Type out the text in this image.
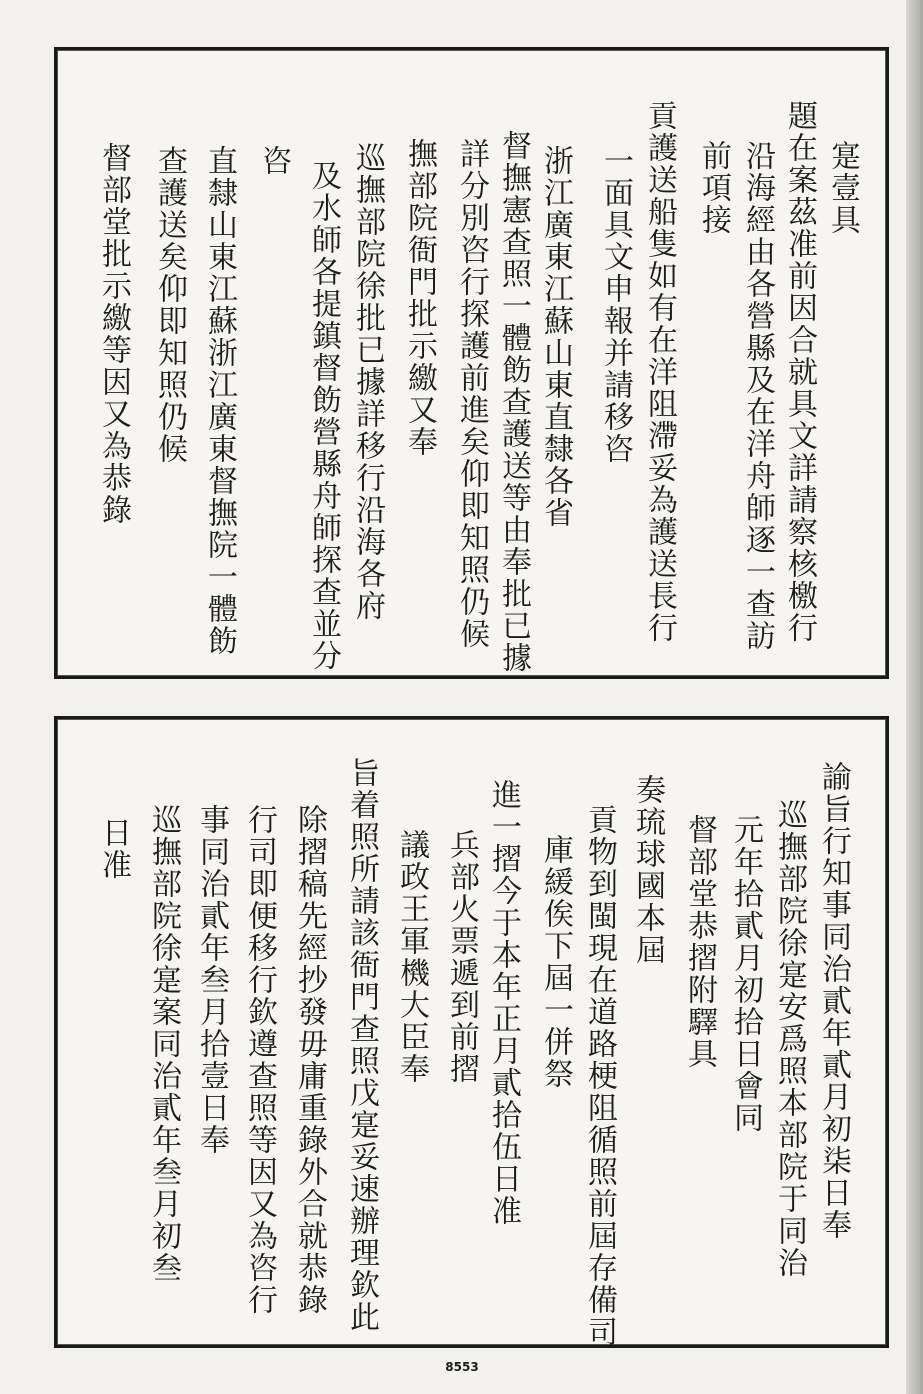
寔壹具
題在案茲准前因合就具文詳請察核檄行
沿海經由各營縣及在洋舟師逐一查訪
前項接
貢護送船隻如有在洋阻滯妥為護送長行
一面具文申報并請移咨
浙江廣東江蘇山東直隸各省
督撫憲查照一體飭查護送等由奉批已據
詳分別咨行探護前進矣仰即知照仍候
撫部院衙門批示繳又奉
巡撫部院徐批已據詳移行沿海各府
及水師各提鎮督飭營縣舟師探查並分
咨
直隸山東江蘇浙江廣東督撫院一體飭
查護送矣仰即知照仍候
督部堂批示繳等因又為恭錄
諭旨行知事同治貳年貳月初柒日奉
巡撫部院徐寔安爲照本部院于同治
元年拾貳月初拾日會同
督部堂恭摺附驛具
奏琉球國本屆
貢物到閩現在道路梗阻循照前屆存備司
庫緩俟下屆一併祭
進一摺今于本年正月貳拾伍日准
兵部火票遞到前摺
議政王軍機大臣奉
旨着照所請該衙門查照戊寔妥速辦理欽此
除摺稿先經抄發毋庸重錄外合就恭錄
行司即便移行欽遵查照等因又為咨行
事同治貳年叁月拾壹日奉
巡撫部院徐寔案同治貳年叁月初叁
日准
8553
